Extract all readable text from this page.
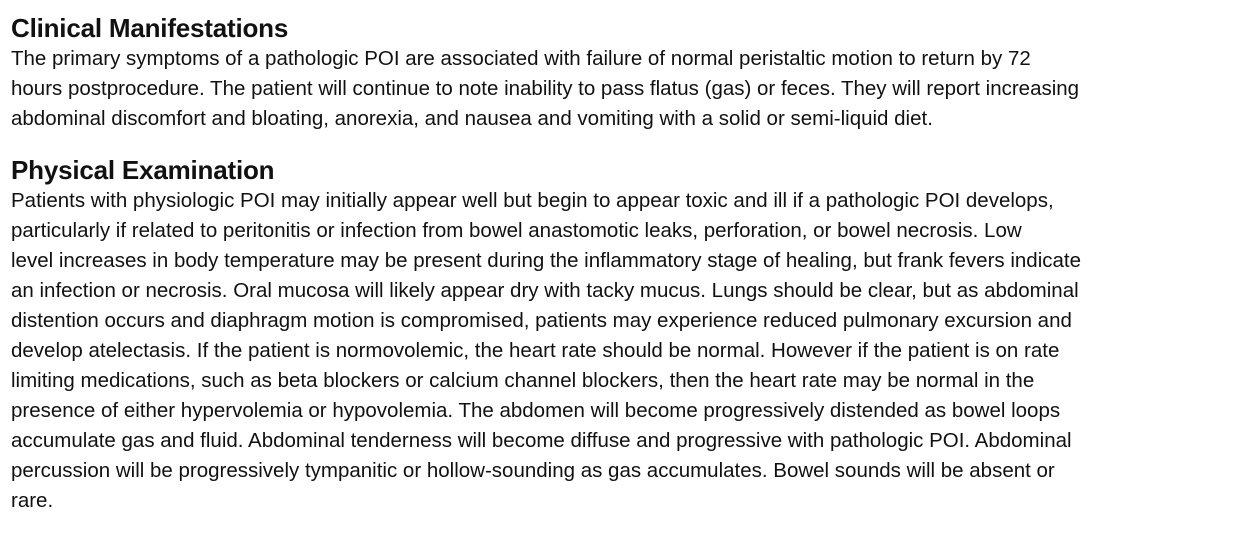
Clinical Manifestations

The primary symptoms of a pathologic POI are associated with failure of normal peristaltic motion to return by 72
hours postprocedure. The patient will continue to note inability to pass flatus (gas) or feces. They will report increasing
abdominal discomfort and bloating, anorexia, and nausea and vomiting with a solid or semi-liquid diet.

Physical Examination

Patients with physiologic POI may initially appear well but begin to appear toxic and ill if a pathologic POI develops,
particularly if related to peritonitis or infection from bowel anastomotic leaks, perforation, or bowel necrosis. Low
level increases in body temperature may be present during the inflammatory stage of healing, but frank fevers indicate
an infection or necrosis. Oral mucosa will likely appear dry with tacky mucus. Lungs should be clear, but as abdominal
distention occurs and diaphragm motion is compromised, patients may experience reduced pulmonary excursion and
develop atelectasis. If the patient is normovolemic, the heart rate should be normal. However if the patient is on rate
limiting medications, such as beta blockers or calcium channel blockers, then the heart rate may be normal in the
presence of either hypervolemia or hypovolemia. The abdomen will become progressively distended as bowel loops
accumulate gas and fluid. Abdominal tenderness will become diffuse and progressive with pathologic POI. Abdominal
percussion will be progressively tympanitic or hollow-sounding as gas accumulates. Bowel sounds will be absent or
rare.
